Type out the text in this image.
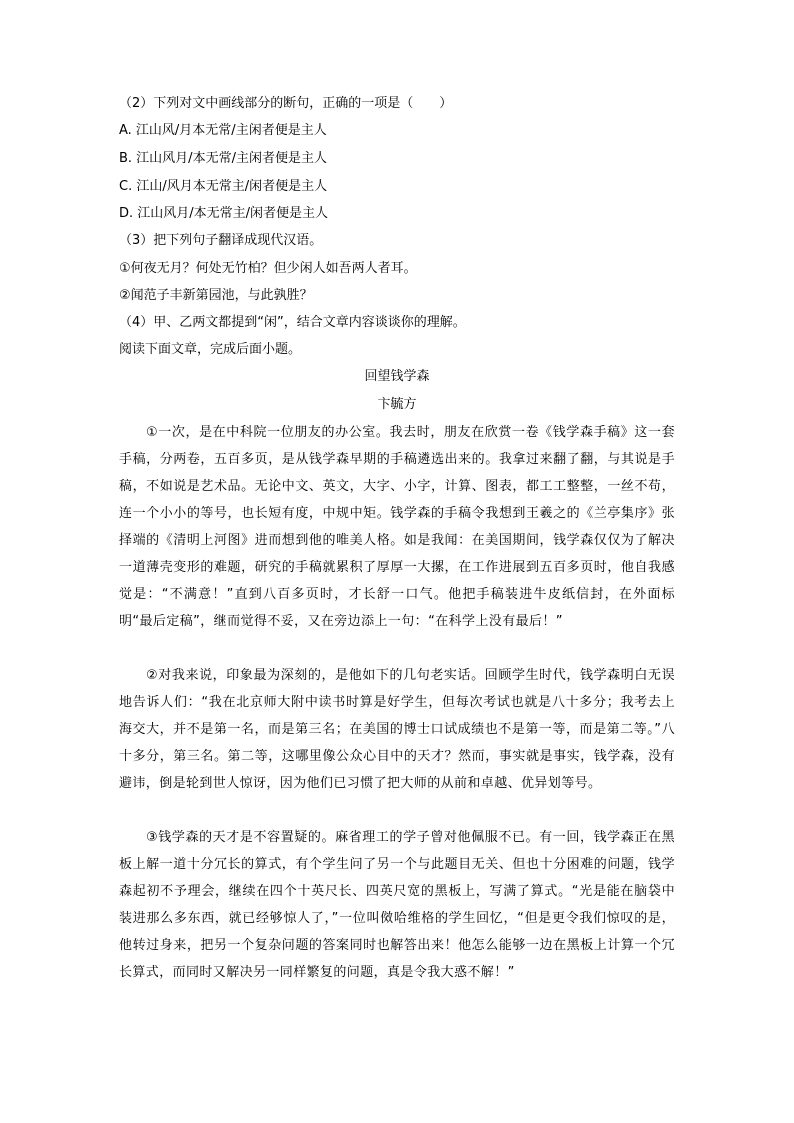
（2）下列对文中画线部分的断句，正确的一项是（　　）
A. 江山风/月本无常/主闲者便是主人
B. 江山风月/本无常/主闲者便是主人
C. 江山/风月本无常主/闲者便是主人
D. 江山风月/本无常主/闲者便是主人
（3）把下列句子翻译成现代汉语。
①何夜无月？何处无竹柏？但少闲人如吾两人者耳。
②闻范子丰新第园池，与此孰胜？
（4）甲、乙两文都提到“闲”，结合文章内容谈谈你的理解。
阅读下面文章，完成后面小题。
回望钱学森
卞毓方
①一次，是在中科院一位朋友的办公室。我去时，朋友在欣赏一卷《钱学森手稿》这一套手稿，分两卷，五百多页，是从钱学森早期的手稿遴选出来的。我拿过来翻了翻，与其说是手稿，不如说是艺术品。无论中文、英文，大字、小字，计算、图表，都工工整整，一丝不苟，连一个小小的等号，也长短有度，中规中矩。钱学森的手稿令我想到王羲之的《兰亭集序》张择端的《清明上河图》进而想到他的唯美人格。如是我闻：在美国期间，钱学森仅仅为了解决一道薄壳变形的难题，研究的手稿就累积了厚厚一大摞，在工作进展到五百多页时，他自我感觉是：“不满意！”直到八百多页时，才长舒一口气。他把手稿装进牛皮纸信封，在外面标明“最后定稿”，继而觉得不妥，又在旁边添上一句：“在科学上没有最后！”
②对我来说，印象最为深刻的，是他如下的几句老实话。回顾学生时代，钱学森明白无误地告诉人们：“我在北京师大附中读书时算是好学生，但每次考试也就是八十多分；我考去上海交大，并不是第一名，而是第三名；在美国的博士口试成绩也不是第一等，而是第二等。”八十多分，第三名。第二等，这哪里像公众心目中的天才？然而，事实就是事实，钱学森，没有避讳，倒是轮到世人惊讶，因为他们已习惯了把大师的从前和卓越、优异划等号。
③钱学森的天才是不容置疑的。麻省理工的学子曾对他佩服不已。有一回，钱学森正在黑板上解一道十分冗长的算式，有个学生问了另一个与此题目无关、但也十分困难的问题，钱学森起初不予理会，继续在四个十英尺长、四英尺宽的黑板上，写满了算式。“光是能在脑袋中装进那么多东西，就已经够惊人了，”一位叫傚哈维格的学生回忆，“但是更令我们惊叹的是，他转过身来，把另一个复杂问题的答案同时也解答出来！他怎么能够一边在黑板上计算一个冗长算式，而同时又解决另一同样繁复的问题，真是令我大惑不解！”
